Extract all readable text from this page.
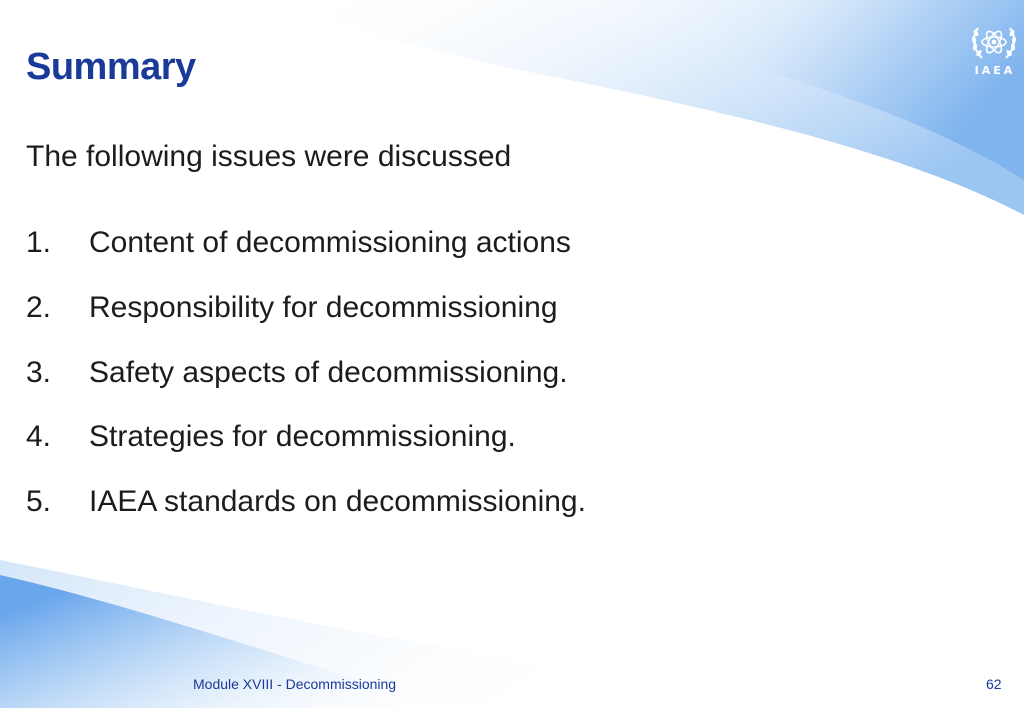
IAEA
Summary
The following issues were discussed
1. Content of decommissioning actions
2. Responsibility for decommissioning
3. Safety aspects of decommissioning.
4. Strategies for decommissioning.
5. IAEA standards on decommissioning.
Module XVIII - Decommissioning	62
